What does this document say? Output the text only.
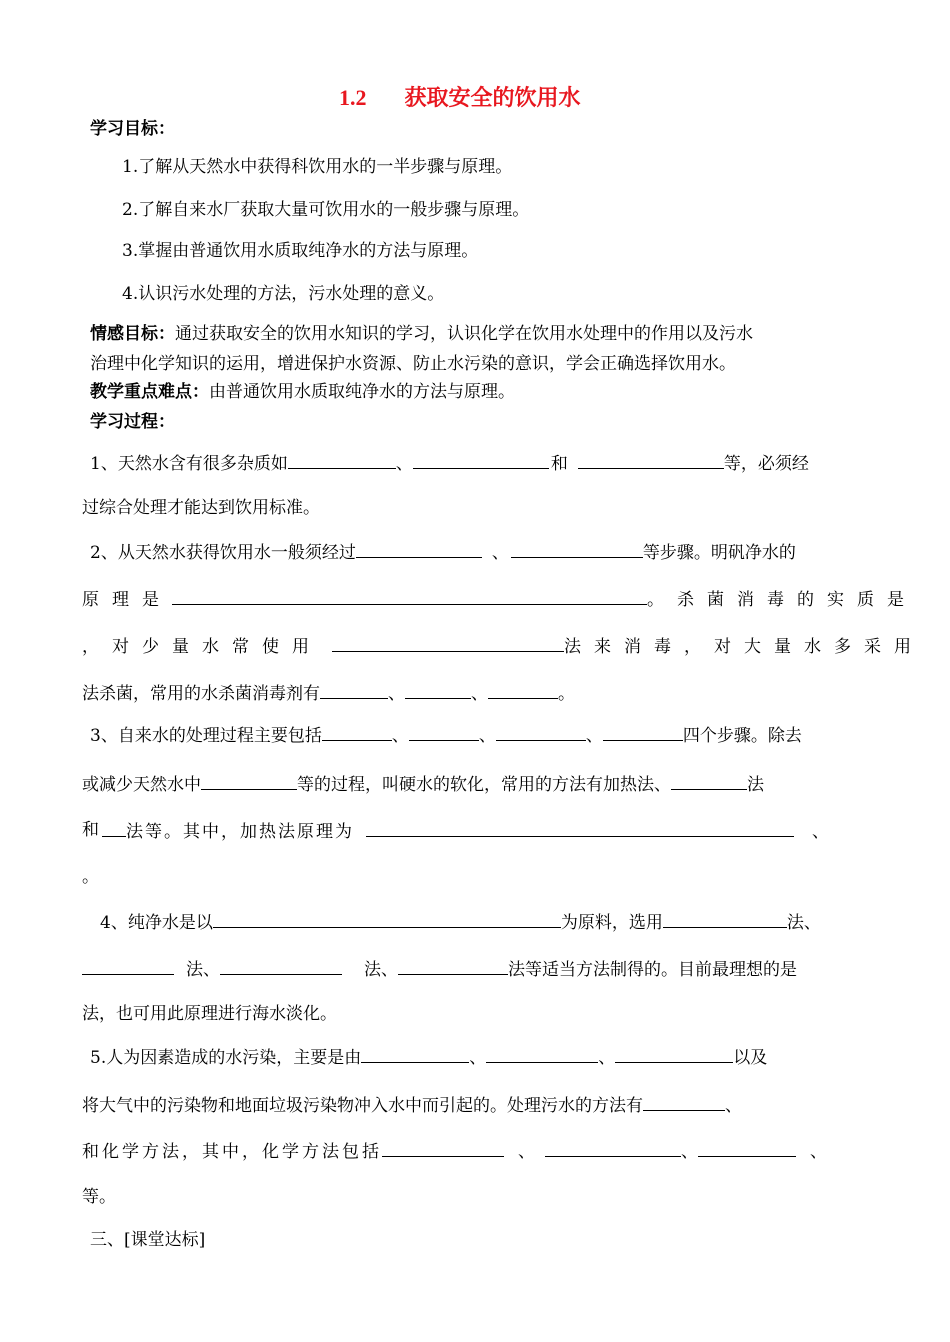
1.2 获取安全的饮用水
学习目标：
1.了解从天然水中获得科饮用水的一半步骤与原理。
2.了解自来水厂获取大量可饮用水的一般步骤与原理。
3.掌握由普通饮用水质取纯净水的方法与原理。
4.认识污水处理的方法，污水处理的意义。
情感目标：通过获取安全的饮用水知识的学习，认识化学在饮用水处理中的作用以及污水
治理中化学知识的运用，增进保护水资源、防止水污染的意识，学会正确选择饮用水。
教学重点难点：由普通饮用水质取纯净水的方法与原理。
学习过程：
1、天然水含有很多杂质如	、	和	等，必须经
过综合处理才能达到饮用标准。
2、从天然水获得饮用水一般须经过	、	等步骤。明矾净水的
原理是	。杀菌消毒的实质是
，对少量水常使用	法来消毒，对大量水多采用
法杀菌，常用的水杀菌消毒剂有	、	、	。
3、自来水的处理过程主要包括	、	、	、	四个步骤。除去
或减少天然水中	等的过程，叫硬水的软化，常用的方法有加热法、	法
和 法等。其中，加热法原理为	、
。
4、纯净水是以	为原料，选用	法、
法、	法、	法等适当方法制得的。目前最理想的是
法，也可用此原理进行海水淡化。
5.人为因素造成的水污染，主要是由	、	、	以及
将大气中的污染物和地面垃圾污染物冲入水中而引起的。处理污水的方法有	、
和化学方法，其中，化学方法包括	、	、	、
等。
三、[课堂达标]
